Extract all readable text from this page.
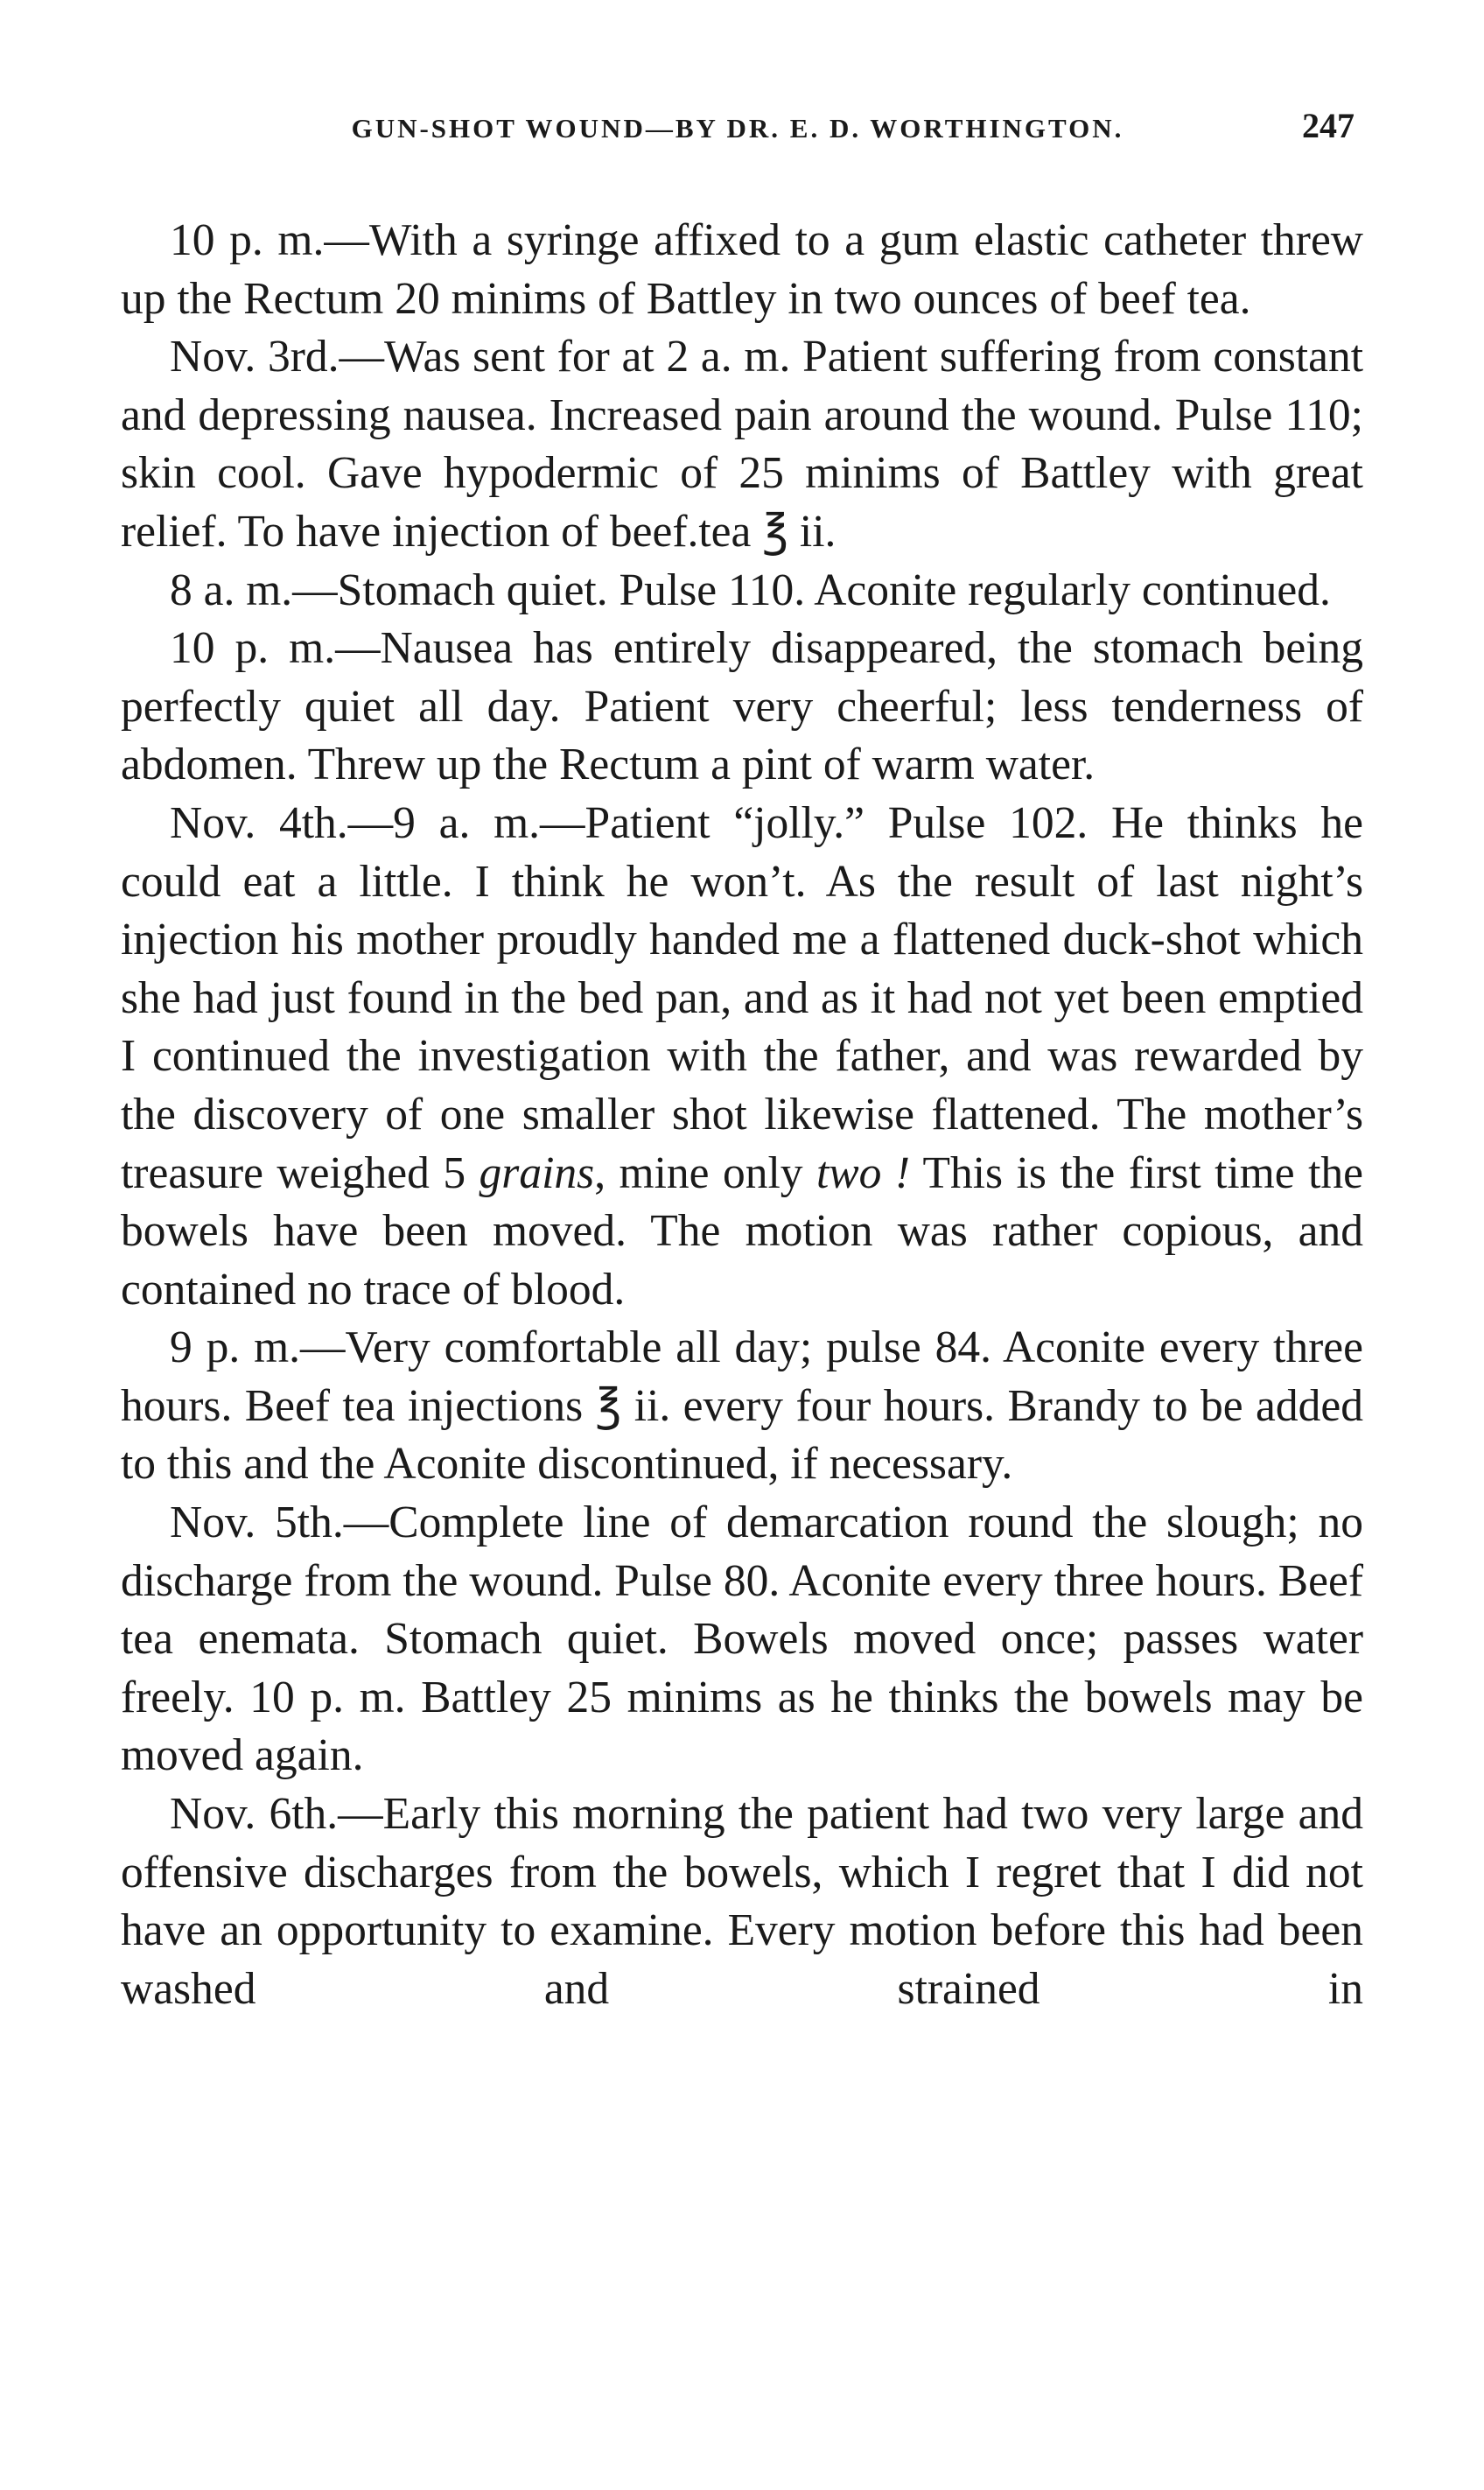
GUN-SHOT WOUND—BY DR. E. D. WORTHINGTON.	247

10 p. m.—With a syringe affixed to a gum elastic catheter threw up the Rectum 20 minims of Battley in two ounces of beef tea.

Nov. 3rd.—Was sent for at 2 a. m. Patient suffering from constant and depressing nausea. Increased pain around the wound. Pulse 110; skin cool. Gave hypodermic of 25 minims of Battley with great relief. To have injection of beef.tea ℥ ii.

8 a. m.—Stomach quiet. Pulse 110. Aconite regularly continued.

10 p. m.—Nausea has entirely disappeared, the stomach being perfectly quiet all day. Patient very cheerful; less tenderness of abdomen. Threw up the Rectum a pint of warm water.

Nov. 4th.—9 a. m.—Patient “jolly.” Pulse 102. He thinks he could eat a little. I think he won’t. As the result of last night’s injection his mother proudly handed me a flattened duck-shot which she had just found in the bed pan, and as it had not yet been emptied I continued the investigation with the father, and was rewarded by the discovery of one smaller shot likewise flattened. The mother’s treasure weighed 5 grains, mine only two ! This is the first time the bowels have been moved. The motion was rather copious, and contained no trace of blood.

9 p. m.—Very comfortable all day; pulse 84. Aconite every three hours. Beef tea injections ℥ ii. every four hours. Brandy to be added to this and the Aconite discontinued, if necessary.

Nov. 5th.—Complete line of demarcation round the slough; no discharge from the wound. Pulse 80. Aconite every three hours. Beef tea enemata. Stomach quiet. Bowels moved once; passes water freely. 10 p. m. Battley 25 minims as he thinks the bowels may be moved again.

Nov. 6th.—Early this morning the patient had two very large and offensive discharges from the bowels, which I regret that I did not have an opportunity to examine. Every motion before this had been washed and strained in
